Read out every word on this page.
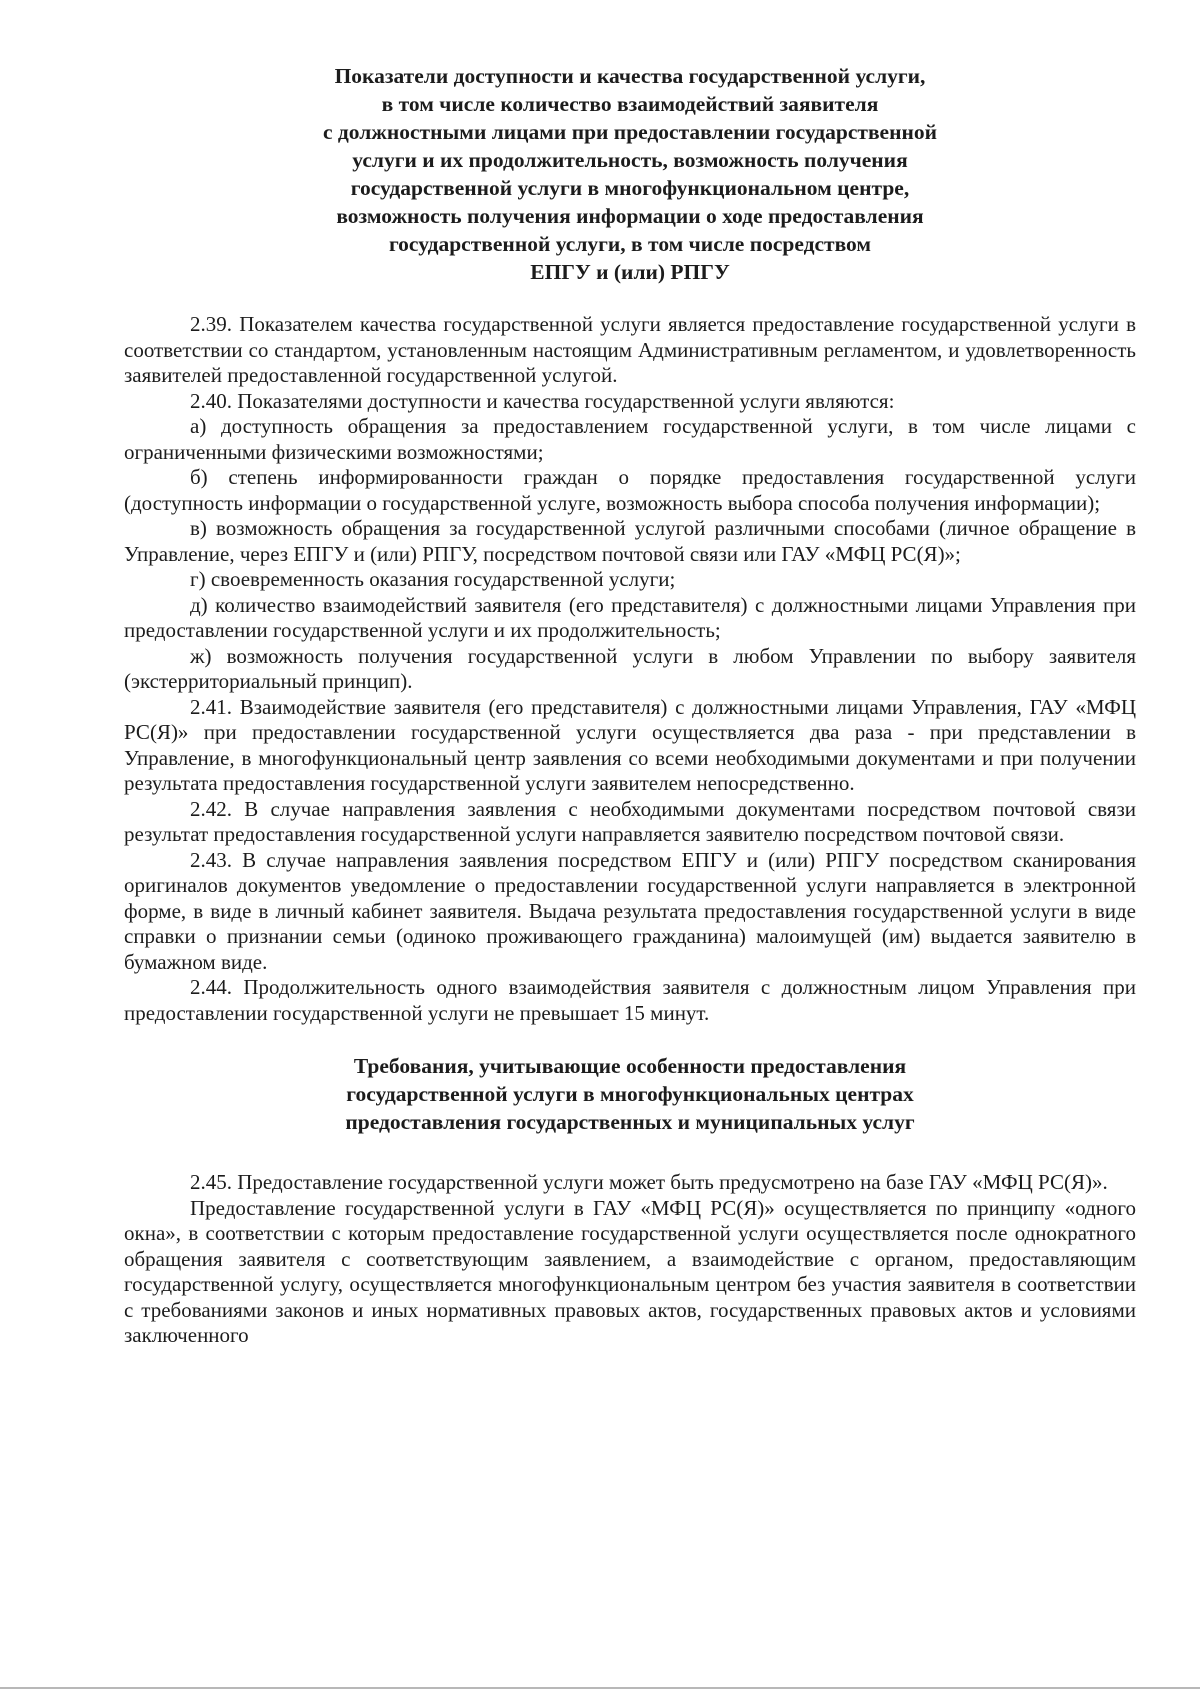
Показатели доступности и качества государственной услуги,
в том числе количество взаимодействий заявителя
с должностными лицами при предоставлении государственной
услуги и их продолжительность, возможность получения
государственной услуги в многофункциональном центре,
возможность получения информации о ходе предоставления
государственной услуги, в том числе посредством
ЕПГУ и (или) РПГУ

2.39. Показателем качества государственной услуги является предоставление государственной услуги в соответствии со стандартом, установленным настоящим Административным регламентом, и удовлетворенность заявителей предоставленной государственной услугой.

2.40. Показателями доступности и качества государственной услуги являются:

а) доступность обращения за предоставлением государственной услуги, в том числе лицами с ограниченными физическими возможностями;

б) степень информированности граждан о порядке предоставления государственной услуги (доступность информации о государственной услуге, возможность выбора способа получения информации);

в) возможность обращения за государственной услугой различными способами (личное обращение в Управление, через ЕПГУ и (или) РПГУ, посредством почтовой связи или ГАУ «МФЦ РС(Я)»;

г) своевременность оказания государственной услуги;

д) количество взаимодействий заявителя (его представителя) с должностными лицами Управления при предоставлении государственной услуги и их продолжительность;

ж) возможность получения государственной услуги в любом Управлении по выбору заявителя (экстерриториальный принцип).

2.41. Взаимодействие заявителя (его представителя) с должностными лицами Управления, ГАУ «МФЦ РС(Я)» при предоставлении государственной услуги осуществляется два раза - при представлении в Управление, в многофункциональный центр заявления со всеми необходимыми документами и при получении результата предоставления государственной услуги заявителем непосредственно.

2.42. В случае направления заявления с необходимыми документами посредством почтовой связи результат предоставления государственной услуги направляется заявителю посредством почтовой связи.

2.43. В случае направления заявления посредством ЕПГУ и (или) РПГУ посредством сканирования оригиналов документов уведомление о предоставлении государственной услуги направляется в электронной форме, в виде в личный кабинет заявителя. Выдача результата предоставления государственной услуги в виде справки о признании семьи (одиноко проживающего гражданина) малоимущей (им) выдается заявителю в бумажном виде.

2.44. Продолжительность одного взаимодействия заявителя с должностным лицом Управления при предоставлении государственной услуги не превышает 15 минут.

Требования, учитывающие особенности предоставления
государственной услуги в многофункциональных центрах
предоставления государственных и муниципальных услуг

2.45. Предоставление государственной услуги может быть предусмотрено на базе ГАУ «МФЦ РС(Я)».

Предоставление государственной услуги в ГАУ «МФЦ РС(Я)» осуществляется по принципу «одного окна», в соответствии с которым предоставление государственной услуги осуществляется после однократного обращения заявителя с соответствующим заявлением, а взаимодействие с органом, предоставляющим государственной услугу, осуществляется многофункциональным центром без участия заявителя в соответствии с требованиями законов и иных нормативных правовых актов, государственных правовых актов и условиями заключенного
